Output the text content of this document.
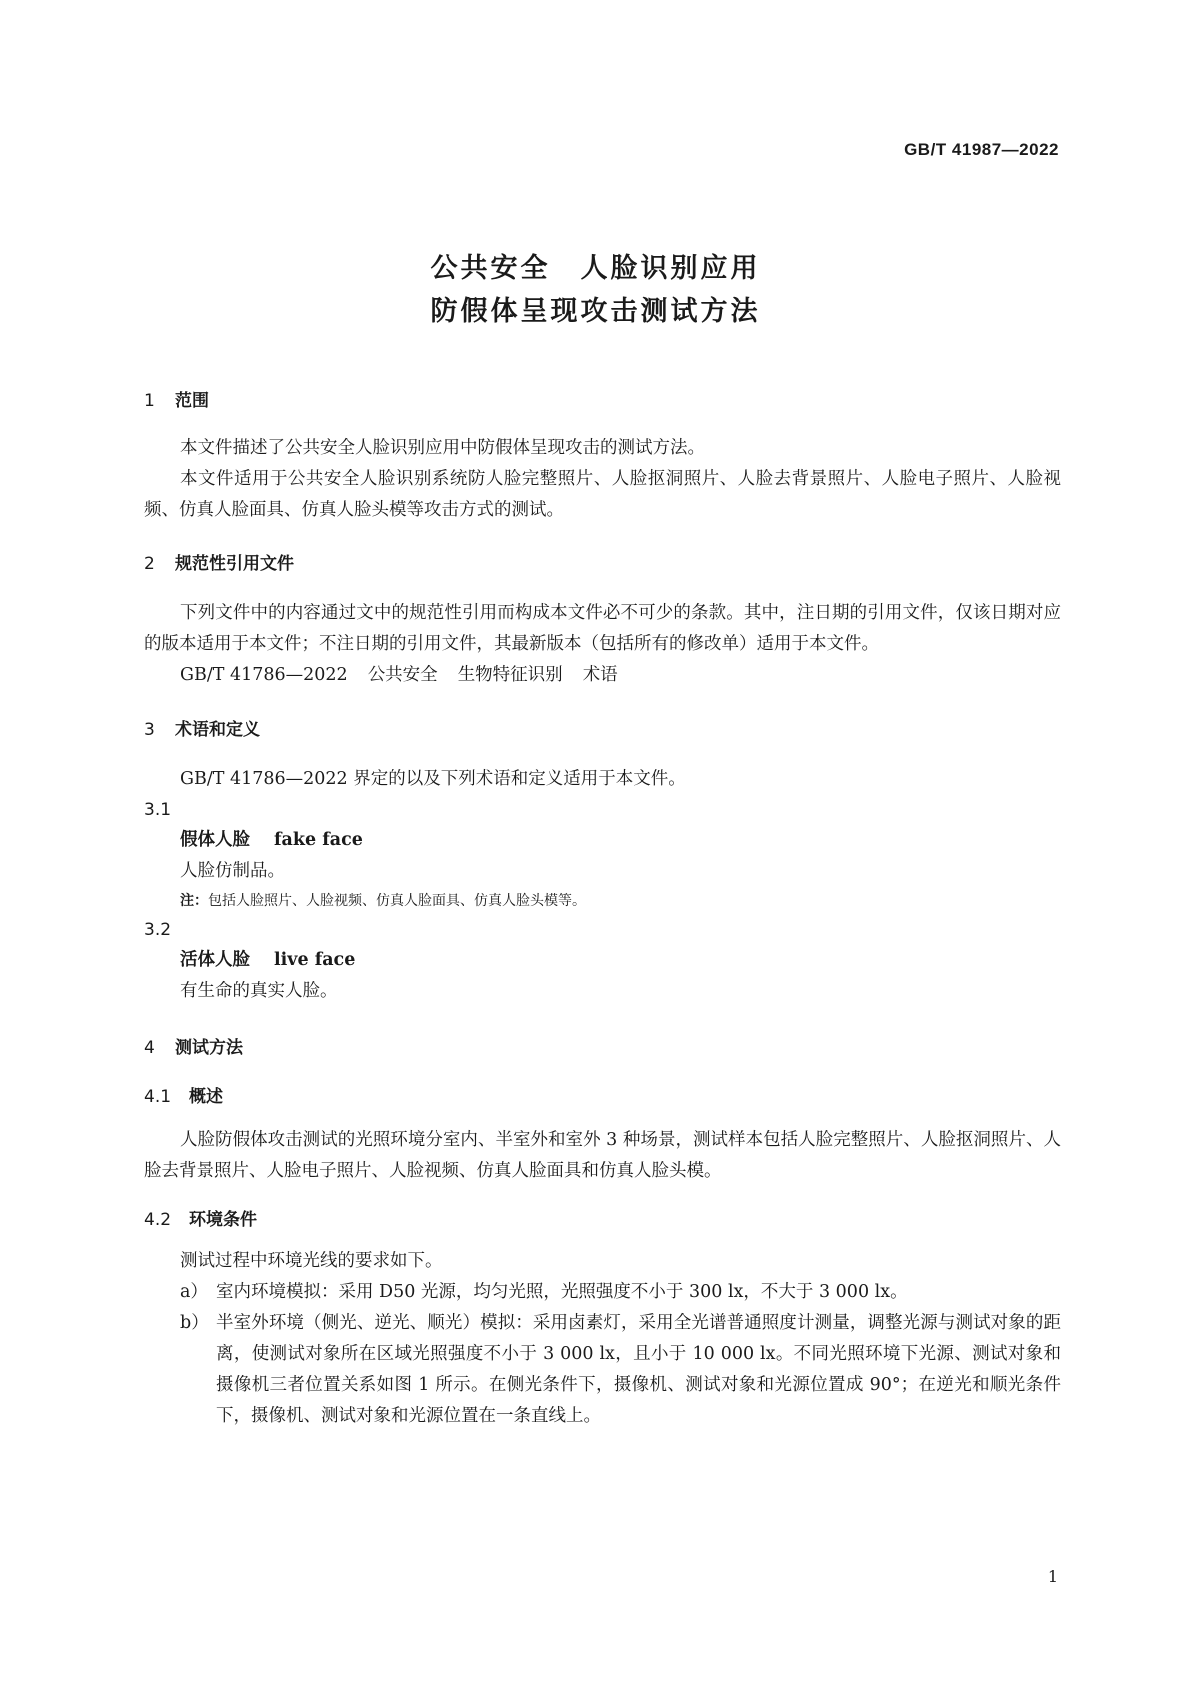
GB/T 41987—2022
公共安全　人脸识别应用
防假体呈现攻击测试方法
1 范围

本文件描述了公共安全人脸识别应用中防假体呈现攻击的测试方法。

本文件适用于公共安全人脸识别系统防人脸完整照片、人脸抠洞照片、人脸去背景照片、人脸电子照片、人脸视频、仿真人脸面具、仿真人脸头模等攻击方式的测试。

2 规范性引用文件

下列文件中的内容通过文中的规范性引用而构成本文件必不可少的条款。其中，注日期的引用文件，仅该日期对应的版本适用于本文件；不注日期的引用文件，其最新版本（包括所有的修改单）适用于本文件。

GB/T 41786—2022 公共安全 生物特征识别 术语

3 术语和定义

GB/T 41786—2022 界定的以及下列术语和定义适用于本文件。

3.1
假体人脸 fake face

人脸仿制品。

注：包括人脸照片、人脸视频、仿真人脸面具、仿真人脸头模等。
3.2
活体人脸 live face

有生命的真实人脸。

4 测试方法
4.1 概述

人脸防假体攻击测试的光照环境分室内、半室外和室外 3 种场景，测试样本包括人脸完整照片、人脸抠洞照片、人脸去背景照片、人脸电子照片、人脸视频、仿真人脸面具和仿真人脸头模。

4.2 环境条件

测试过程中环境光线的要求如下。

a） 室内环境模拟：采用 D50 光源，均匀光照，光照强度不小于 300 lx，不大于 3 000 lx。
b） 半室外环境（侧光、逆光、顺光）模拟：采用卤素灯，采用全光谱普通照度计测量，调整光源与测试对象的距离，使测试对象所在区域光照强度不小于 3 000 lx，且小于 10 000 lx。不同光照环境下光源、测试对象和摄像机三者位置关系如图 1 所示。在侧光条件下，摄像机、测试对象和光源位置成 90°；在逆光和顺光条件下，摄像机、测试对象和光源位置在一条直线上。
1
